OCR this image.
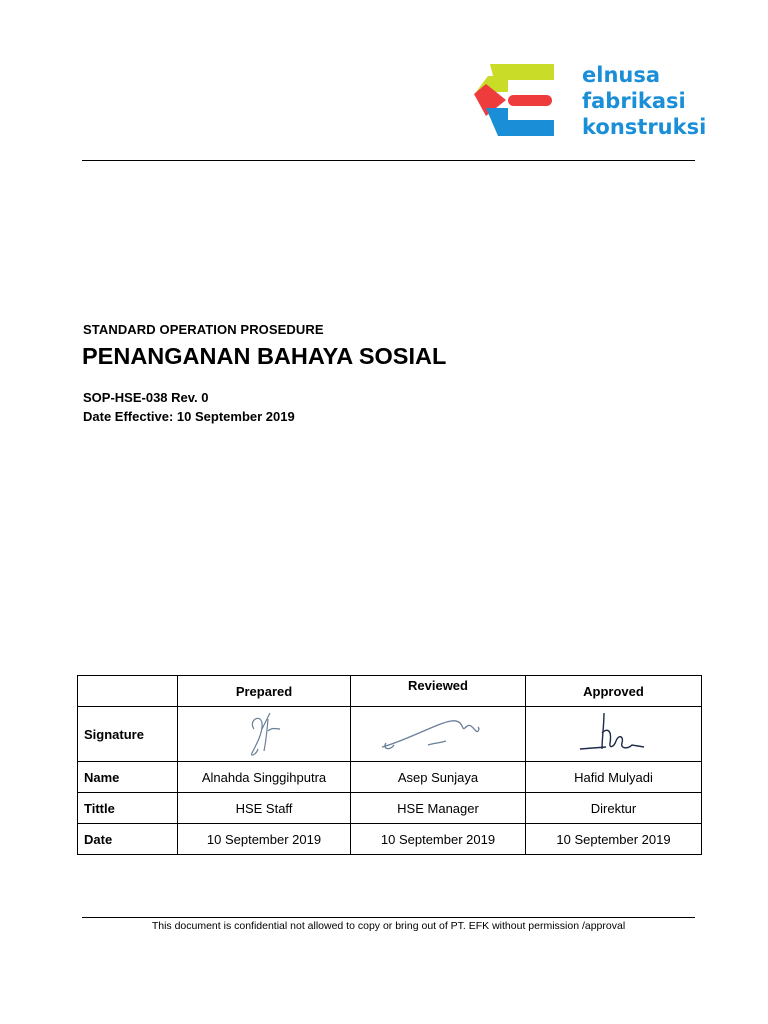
elnusa
fabrikasi
konstruksi
STANDARD OPERATION PROSEDURE
PENANGANAN BAHAYA SOSIAL
SOP-HSE-038 Rev. 0
Date Effective: 10 September 2019
	Prepared	Reviewed	Approved
Signature	

Name	Alnahda Singgihputra	Asep Sunjaya	Hafid Mulyadi
Tittle	HSE Staff	HSE Manager	Direktur
Date	10 September 2019	10 September 2019	10 September 2019
This document is confidential not allowed to copy or bring out of PT. EFK without permission /approval
